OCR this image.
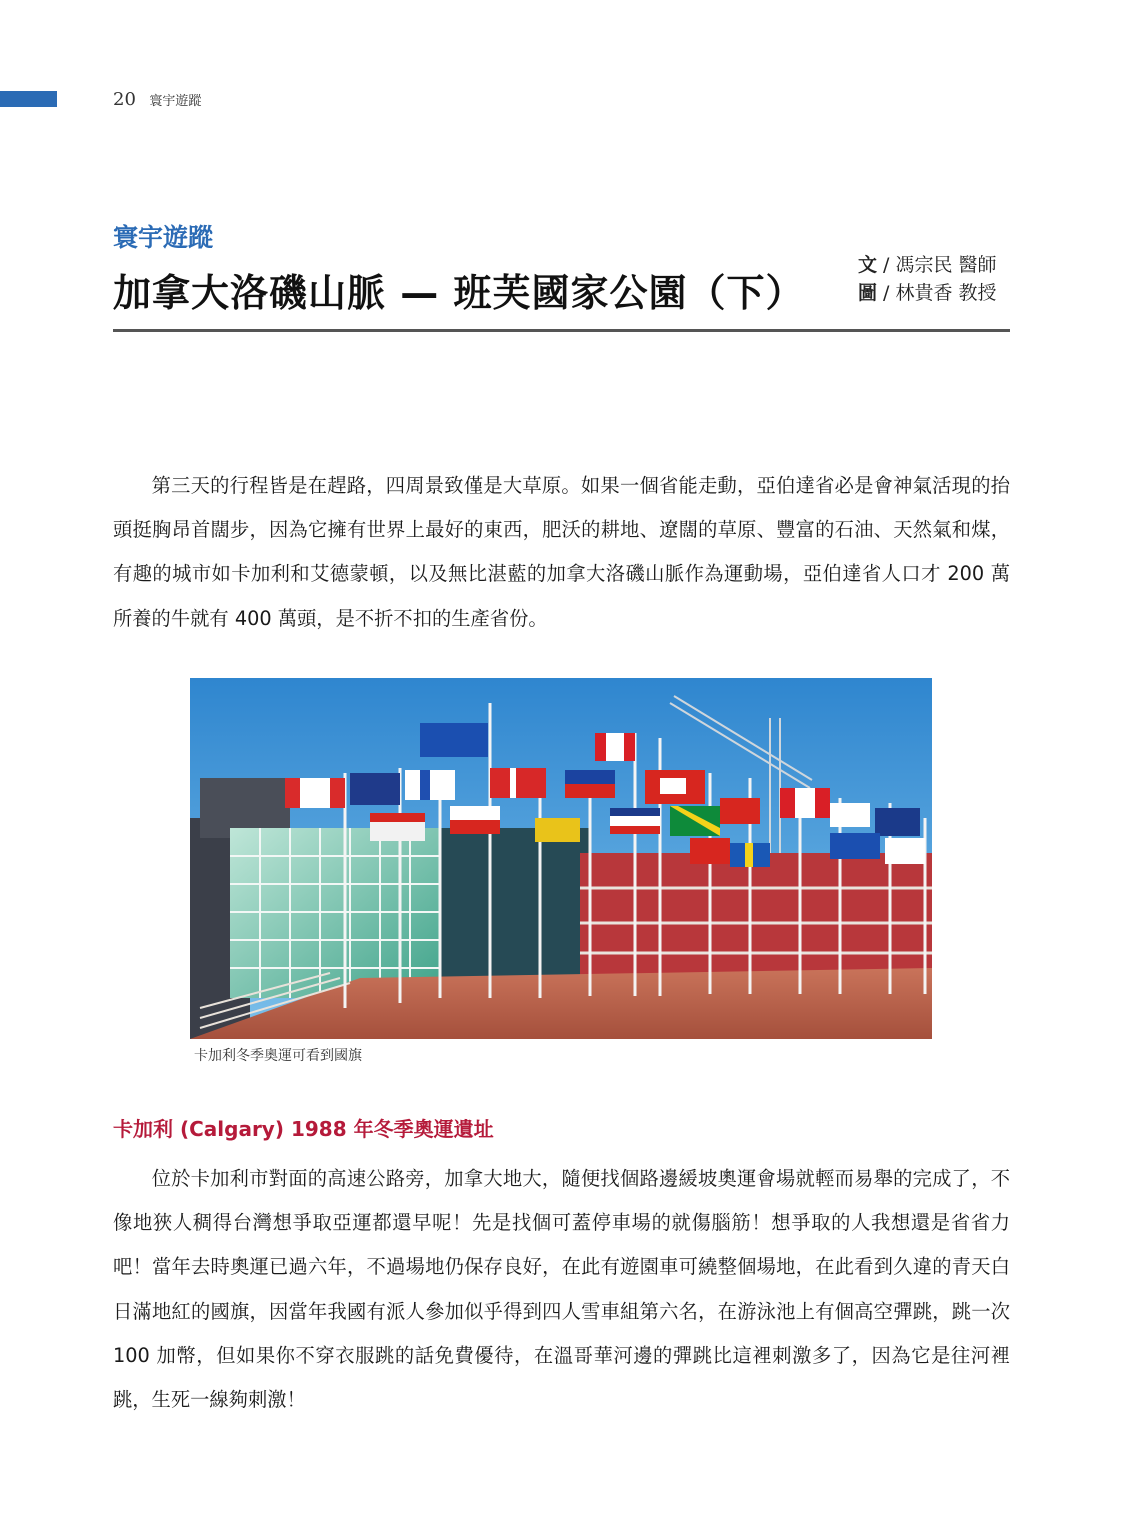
20 寰宇遊蹤
寰宇遊蹤
加拿大洛磯山脈 — 班芙國家公園（下）
文 / 馮宗民 醫師
圖 / 林貴香 教授

第三天的行程皆是在趕路，四周景致僅是大草原。如果一個省能走動，亞伯達省必是會神氣活現的抬頭挺胸昂首闊步，因為它擁有世界上最好的東西，肥沃的耕地、遼闊的草原、豐富的石油、天然氣和煤，有趣的城市如卡加利和艾德蒙頓，以及無比湛藍的加拿大洛磯山脈作為運動場，亞伯達省人口才 200 萬所養的牛就有 400 萬頭，是不折不扣的生產省份。

卡加利冬季奧運可看到國旗
卡加利 (Calgary) 1988 年冬季奧運遺址

位於卡加利市對面的高速公路旁，加拿大地大，隨便找個路邊緩坡奧運會場就輕而易舉的完成了，不像地狹人稠得台灣想爭取亞運都還早呢！先是找個可蓋停車場的就傷腦筋！想爭取的人我想還是省省力吧！當年去時奧運已過六年，不過場地仍保存良好，在此有遊園車可繞整個場地，在此看到久違的青天白日滿地紅的國旗，因當年我國有派人參加似乎得到四人雪車組第六名，在游泳池上有個高空彈跳，跳一次 100 加幣，但如果你不穿衣服跳的話免費優待，在溫哥華河邊的彈跳比這裡刺激多了，因為它是往河裡跳，生死一線夠刺激！
